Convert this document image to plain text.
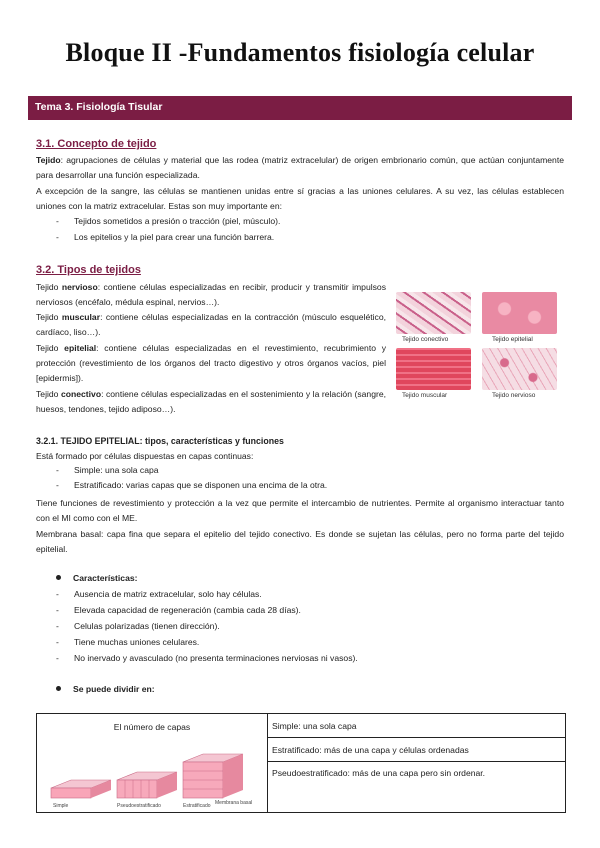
Bloque II -Fundamentos fisiología celular
Tema 3. Fisiología Tisular
3.1. Concepto de tejido
Tejido: agrupaciones de células y material que las rodea (matriz extracelular) de origen embrionario común, que actúan conjuntamente para desarrollar una función especializada.
A excepción de la sangre, las células se mantienen unidas entre sí gracias a las uniones celulares. A su vez, las células establecen uniones con la matriz extracelular. Estas son muy importante en:
- Tejidos sometidos a presión o tracción (piel, músculo).
- Los epitelios y la piel para crear una función barrera.
3.2. Tipos de tejidos
Tejido nervioso: contiene células especializadas en recibir, producir y transmitir impulsos nerviosos (encéfalo, médula espinal, nervios…).
Tejido muscular: contiene células especializadas en la contracción (músculo esquelético, cardíaco, liso…).
Tejido epitelial: contiene células especializadas en el revestimiento, recubrimiento y protección (revestimiento de los órganos del tracto digestivo y otros órganos vacíos, piel [epidermis]).
Tejido conectivo: contiene células especializadas en el sostenimiento y la relación (sangre, huesos, tendones, tejido adiposo…).
Tejido conectivo	Tejido epitelial
Tejido muscular	Tejido nervioso
3.2.1. TEJIDO EPITELIAL: tipos, características y funciones
Está formado por células dispuestas en capas continuas:
- Simple: una sola capa
- Estratificado: varias capas que se disponen una encima de la otra.
Tiene funciones de revestimiento y protección a la vez que permite el intercambio de nutrientes. Permite al organismo interactuar tanto con el MI como con el ME.
Membrana basal: capa fina que separa el epitelio del tejido conectivo. Es donde se sujetan las células, pero no forma parte del tejido epitelial.
Características:
- Ausencia de matriz extracelular, solo hay células.
- Elevada capacidad de regeneración (cambia cada 28 días).
- Celulas polarizadas (tienen dirección).
- Tiene muchas uniones celulares.
- No inervado y avasculado (no presenta terminaciones nerviosas ni vasos).
Se puede dividir en:
El número de capas
Simple	Pseudoestratificado	Estratificado Membrana basal
	Simple: una sola capa
Estratificado: más de una capa y células ordenadas
Pseudoestratificado: más de una capa pero sin ordenar.
